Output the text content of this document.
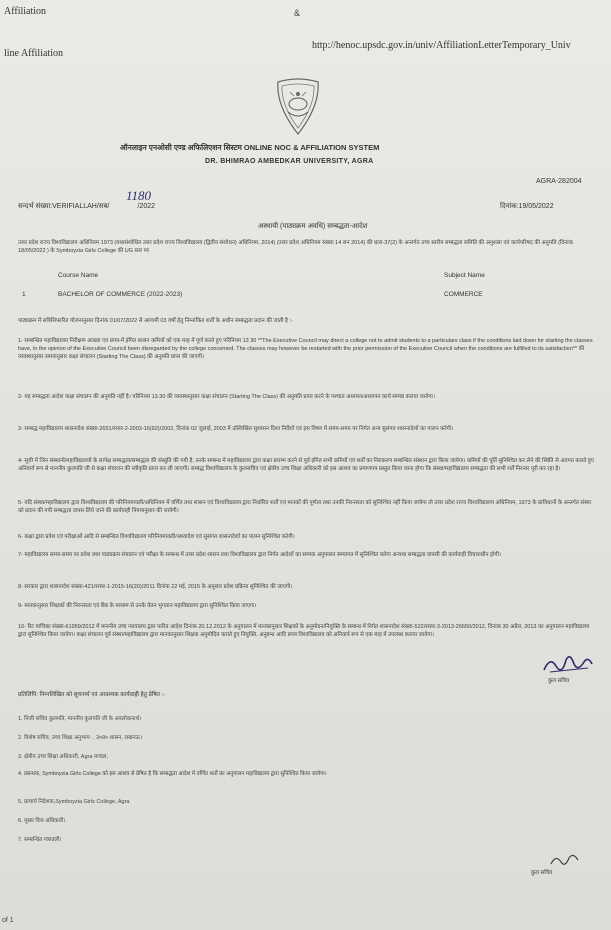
Affiliation	&
line Affiliation
http://henoc.upsdc.gov.in/univ/AffiliationLetterTemporary_Univ
ऑनलाइन एनओसी एण्ड अफिलिएशन सिस्टम ONLINE NOC & AFFILIATION SYSTEM
DR. BHIMRAO AMBEDKAR UNIVERSITY, AGRA
AGRA-282004
सन्दर्भ संख्या:VERIFIALLAH/सब/	/2022
1180
दिनांक:19/05/2022
अस्थायी (पाठ्यक्रम अवधि) सम्बद्धता-आदेश
उत्तर प्रदेश राज्य विश्वविद्यालय अधिनियम 1973 (यथासंशोधित उत्तर प्रदेश राज्य विश्वविद्यालय (द्वितीय संशोधन) अधिनियम, 2014) (उत्तर प्रदेश अधिनियम संख्या 14 सन 2014) की धारा-37(2) के अन्तर्गत उच्च स्तरीय सम्बद्धता समिति की अनुशंसा एवं कार्यपरिषद की अनुमति (दिनांक 18/05/2022 ) के Symboyzia Girls College की UG स्तर पर
Course Name	Subject Name
1	BACHELOR OF COMMERCE (2022-2023)	COMMERCE
पाठ्यक्रम में सत्रिसिफारित योजनानुसार दिनांक 01/07/2022 से आगामी 03 वर्षों हेतु निम्नांकित शर्तों के अधीन सम्बद्धता प्रदान की जाती है :-
1- सम्बन्धित महाविद्यालय निरीक्षण आख्या एव प्रपत्र-में इंगित शासन कमियों को एक माह में पूर्ण करते हुए परिनियम 13 30 **The Executive Council may direct a college not to admit students to a particulars class if the conditions laid down for starting the classes have, in the opinion of the Executive Council been disregarded by the college concerned. The classes may however be restarted with the prior permission of the Executive Council when the conditions are fulfilled to its satisfaction** की व्यवस्थानुसार समयानुसार कक्षा संचालन (Starting The Class) की अनुमति प्राप्त की जाएगी।
2- यह सम्बद्धता आदेश कक्षा संचालन की अनुमति नहीं है। परिनियम 13.30 की व्यवस्थानुसार कक्षा संचालन (Starting The Class) की अनुमति प्राप्त करने के पश्चात अध्ययन/अध्यापन कार्य सम्पन्न कराया जायेगा।
3- सम्बद्ध महाविद्यालय शासनादेश संख्या-2651/सत्तर-2-2003-16(92)/2002, दिनांक 02 जुलाई, 2003 में उल्लिखित सुशासन दिशा निर्देशों एवं इस विषय में समय-समय पर निर्गत अन्य सुसंगत शासनादेशों का पालन करेगी।
4- सूची में जिन संस्थानों/महाविद्यालयों के सापेक्ष सम्बद्धता/सम्बद्धता की संस्तुति की गयी है, उनके सम्बन्ध में महाविद्यालय द्वारा कक्षा प्रारम्भ करने से पूर्व इंगित सभी कमियों एवं शर्तों का निराकरण सम्बन्धित संस्थान द्वारा किया जायेगा। कमियों की पूर्ति सुनिश्चित कर लेने की स्थिति से अवगत कराते हुए अनिवार्य रूप से माननीय कुलपति जी से कक्षा संचालन की स्वीकृति प्राप्त कर ली जाएगी। सम्बद्ध विश्वविद्यालय के कुलसचिव एवं क्षेत्रीय उच्च शिक्षा अधिकारी को इस आशय का प्रमाणपत्र प्रस्तुत किया जाना होगा कि संस्था/महाविद्यालय सम्बद्धता की सभी शर्तें निरन्तर पूरी कर रहा है।
5- यदि संस्था/महाविद्यालय द्वारा विश्वविद्यालय की परिनियमावली/अधिनियम में वर्णित तथा शासन एवं विश्वविद्यालय द्वारा निर्धारित शर्तों एवं मानकों की पूर्णता तथा उनकी निरन्तरता को सुनिश्चित नहीं किया जायेगा तो उत्तर प्रदेश राज्य विश्वविद्यालय अधिनियम, 1973 के प्राविधानों के अन्तर्गत संस्था को प्रदान की गयी सम्बद्धता वापस लिये जाने की कार्यवाही नियमानुसार की जायेगी।
6- कक्षा द्वारा प्रवेश एवं परीक्षाओं आदि से सम्बन्धित विश्वविद्यालय परिनियमावली/अध्यादेश एवं सुसंगत शासनादेशों का पालन सुनिश्चित करेगी।
7- महाविद्यालय समय-समय पर प्रवेश तथा पाठ्यक्रम संचालन एवं परीक्षा के सम्बन्ध में उत्तर प्रदेश शासन तथा विश्वविद्यालय द्वारा निर्गत आदेशों का सम्यक अनुपालन सम्यागत में सुनिश्चित करेगा अन्यथा सम्बद्धता वापसी की कार्यवाही विचाराधीन होगी।
8- सरकार द्वारा शासनादेश संख्या-421/सत्तर-1-2015-16(20)/2011 दिनांक 22 मई, 2015 के अनुसार प्रवेश प्रक्रिया सुनिश्चित की जाएगी।
9- मानकानुसार शिक्षकों की निरन्तरता एवं बैंक के माध्यम से उनके वेतन भुगतान महाविद्यालय द्वारा सुनिश्चित किया जाएगा।
10- रिट याचिका संख्या-61959/2012 में माननीय उच्च न्यायालय द्वारा पारित आदेश दिनांक 20.12.2012 के अनुपालन में मानकानुसार शिक्षकों के अनुमोदन/नियुक्ति के सम्बन्ध में निर्गत शासनादेश संख्या-522/सत्तर-3-2013-26650/2012, दिनांक 30 अप्रैल, 2013 का अनुपालन महाविद्यालय द्वारा सुनिश्चित किया जायेगा। कक्षा संचालन पूर्व संस्था/महाविद्यालय द्वारा मानकानुसार शिक्षक अनुमोदित कराते हुए नियुक्ति, अनुबन्ध आदि प्रपत्र विश्वविद्यालय को अनिवार्य रूप से एक माह में उपलब्ध कराया जायेगा।
कुल सचिव
प्रतिलिपि: निम्नलिखित को सूचनार्थ एवं आवश्यक कार्यवाही हेतु प्रेषित :-
1. निजी सचिव कुलपति, माननीय कुलपति जी के अवलोकनार्थ।
2. विशेष सचिव, उच्च शिक्षा अनुभाग- , उ०प्र० शासन, लखनऊ।
3. क्षेत्रीय उच्च शिक्षा अधिकारी, Agra मण्डल,
4. प्रबन्धक, Symboyzia Girls College को इस आशय से प्रेषित है कि सम्बद्धता आदेश में वर्णित शर्तों का अनुपालन महाविद्यालय द्वारा सुनिश्चित किया जायेगा।
5. प्राचार्य निदेशक,Symboyzia Girls College, Agra
6. मुख्य वित्त अधिकारी।
7. सम्बन्धित पत्रावली।
कुल सचिव
of 1
